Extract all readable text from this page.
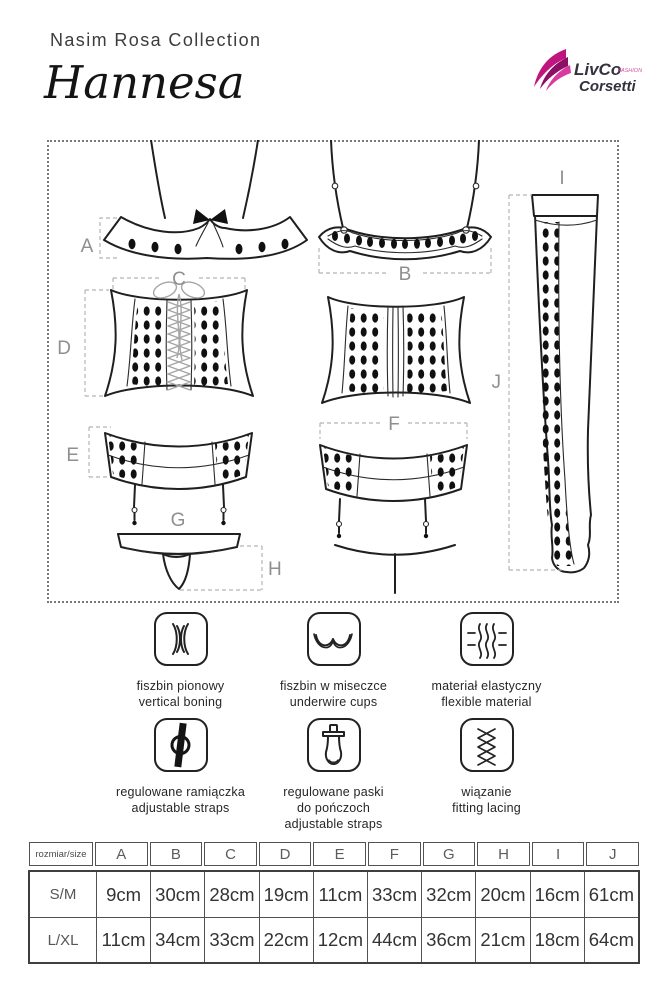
Nasim Rosa Collection
Hannesa	LivCo
FASHION
Corsetti
A
B
C
D
E
F
G
H
I
J
fiszbin pionowy
vertical boning
fiszbin w miseczce
underwire cups
materiał elastyczny
flexible material
regulowane ramiączka
adjustable straps
regulowane paski
do pończoch
adjustable straps
wiązanie
fitting lacing
rozmiar/size	A	B	C	D	E	F	G	H	I	J
S/M	9cm 30cm 28cm 19cm 11cm 33cm 32cm 20cm 16cm 61cm
L/XL	11cm 34cm 33cm 22cm 12cm 44cm 36cm 21cm 18cm 64cm
